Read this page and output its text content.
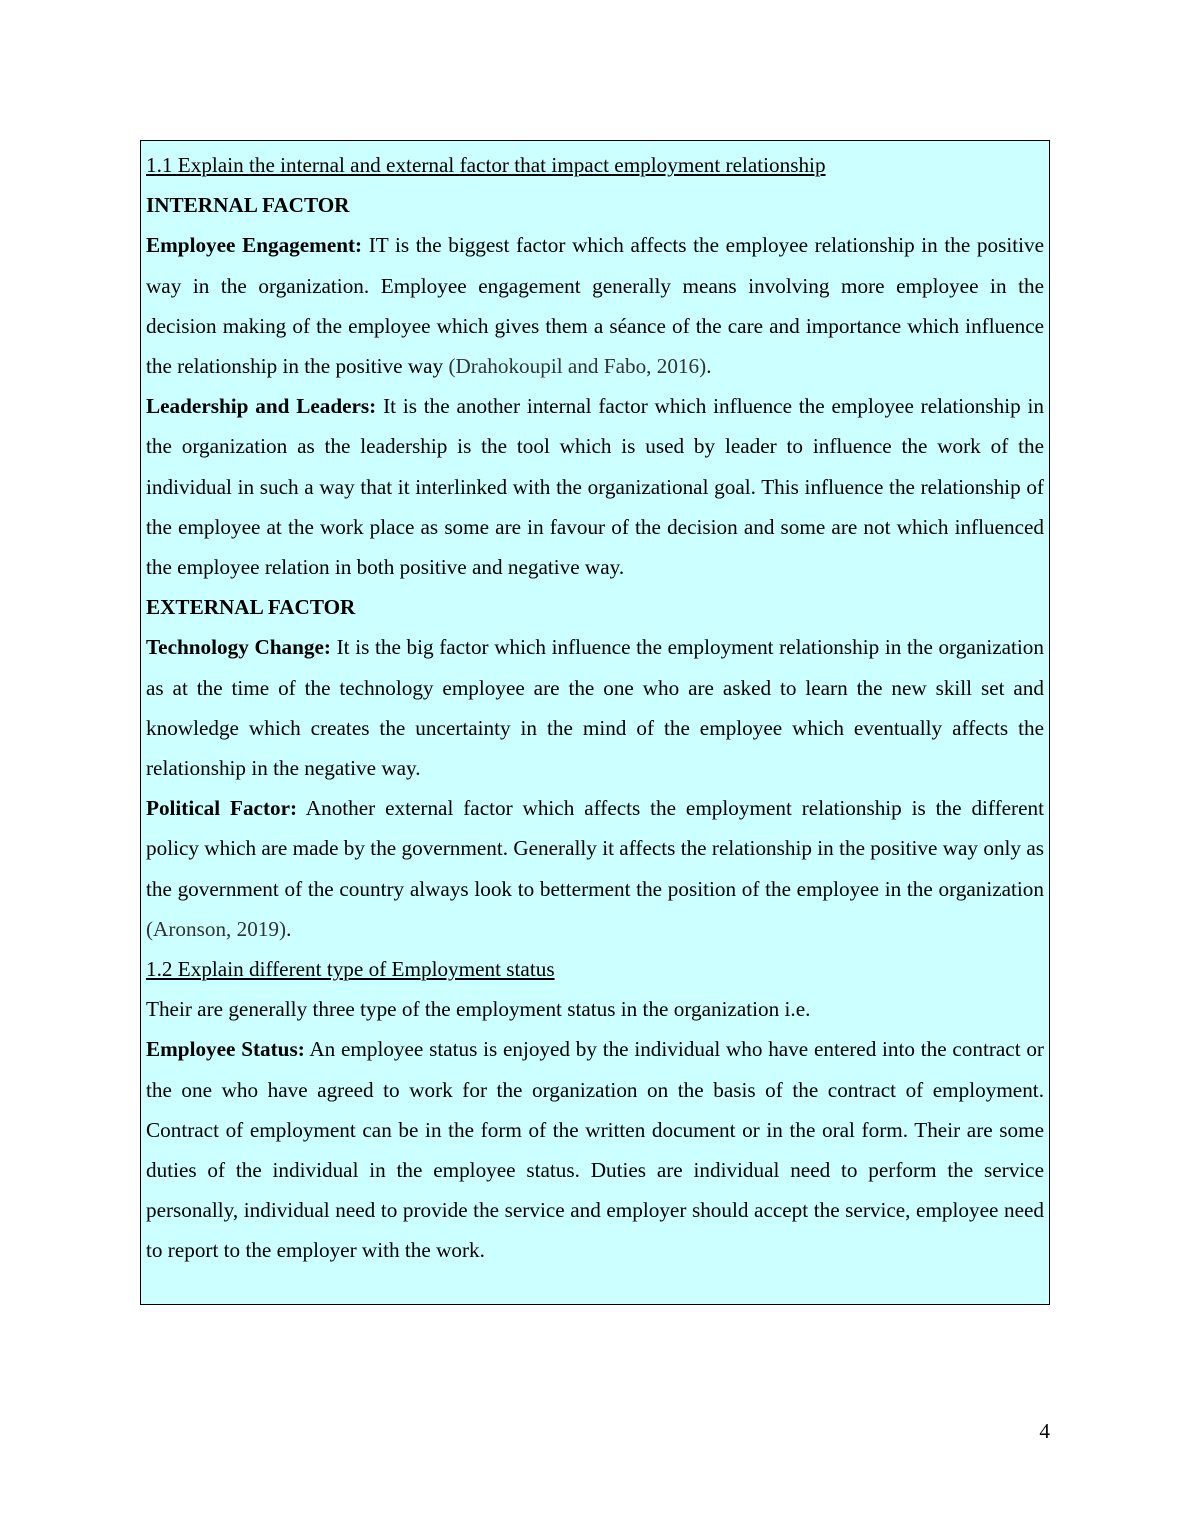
1.1 Explain the internal and external factor that impact employment relationship

INTERNAL FACTOR

Employee Engagement: IT is the biggest factor which affects the employee relationship in the positive way in the organization. Employee engagement generally means involving more employee in the decision making of the employee which gives them a séance of the care and importance which influence the relationship in the positive way (Drahokoupil and Fabo, 2016).

Leadership and Leaders: It is the another internal factor which influence the employee relationship in the organization as the leadership is the tool which is used by leader to influence the work of the individual in such a way that it interlinked with the organizational goal. This influence the relationship of the employee at the work place as some are in favour of the decision and some are not which influenced the employee relation in both positive and negative way.

EXTERNAL FACTOR

Technology Change: It is the big factor which influence the employment relationship in the organization as at the time of the technology employee are the one who are asked to learn the new skill set and knowledge which creates the uncertainty in the mind of the employee which eventually affects the relationship in the negative way.

Political Factor: Another external factor which affects the employment relationship is the different policy which are made by the government. Generally it affects the relationship in the positive way only as the government of the country always look to betterment the position of the employee in the organization (Aronson, 2019).

1.2 Explain different type of Employment status

Their are generally three type of the employment status in the organization i.e.

Employee Status: An employee status is enjoyed by the individual who have entered into the contract or the one who have agreed to work for the organization on the basis of the contract of employment. Contract of employment can be in the form of the written document or in the oral form. Their are some duties of the individual in the employee status. Duties are individual need to perform the service personally, individual need to provide the service and employer should accept the service, employee need to report to the employer with the work.

4
